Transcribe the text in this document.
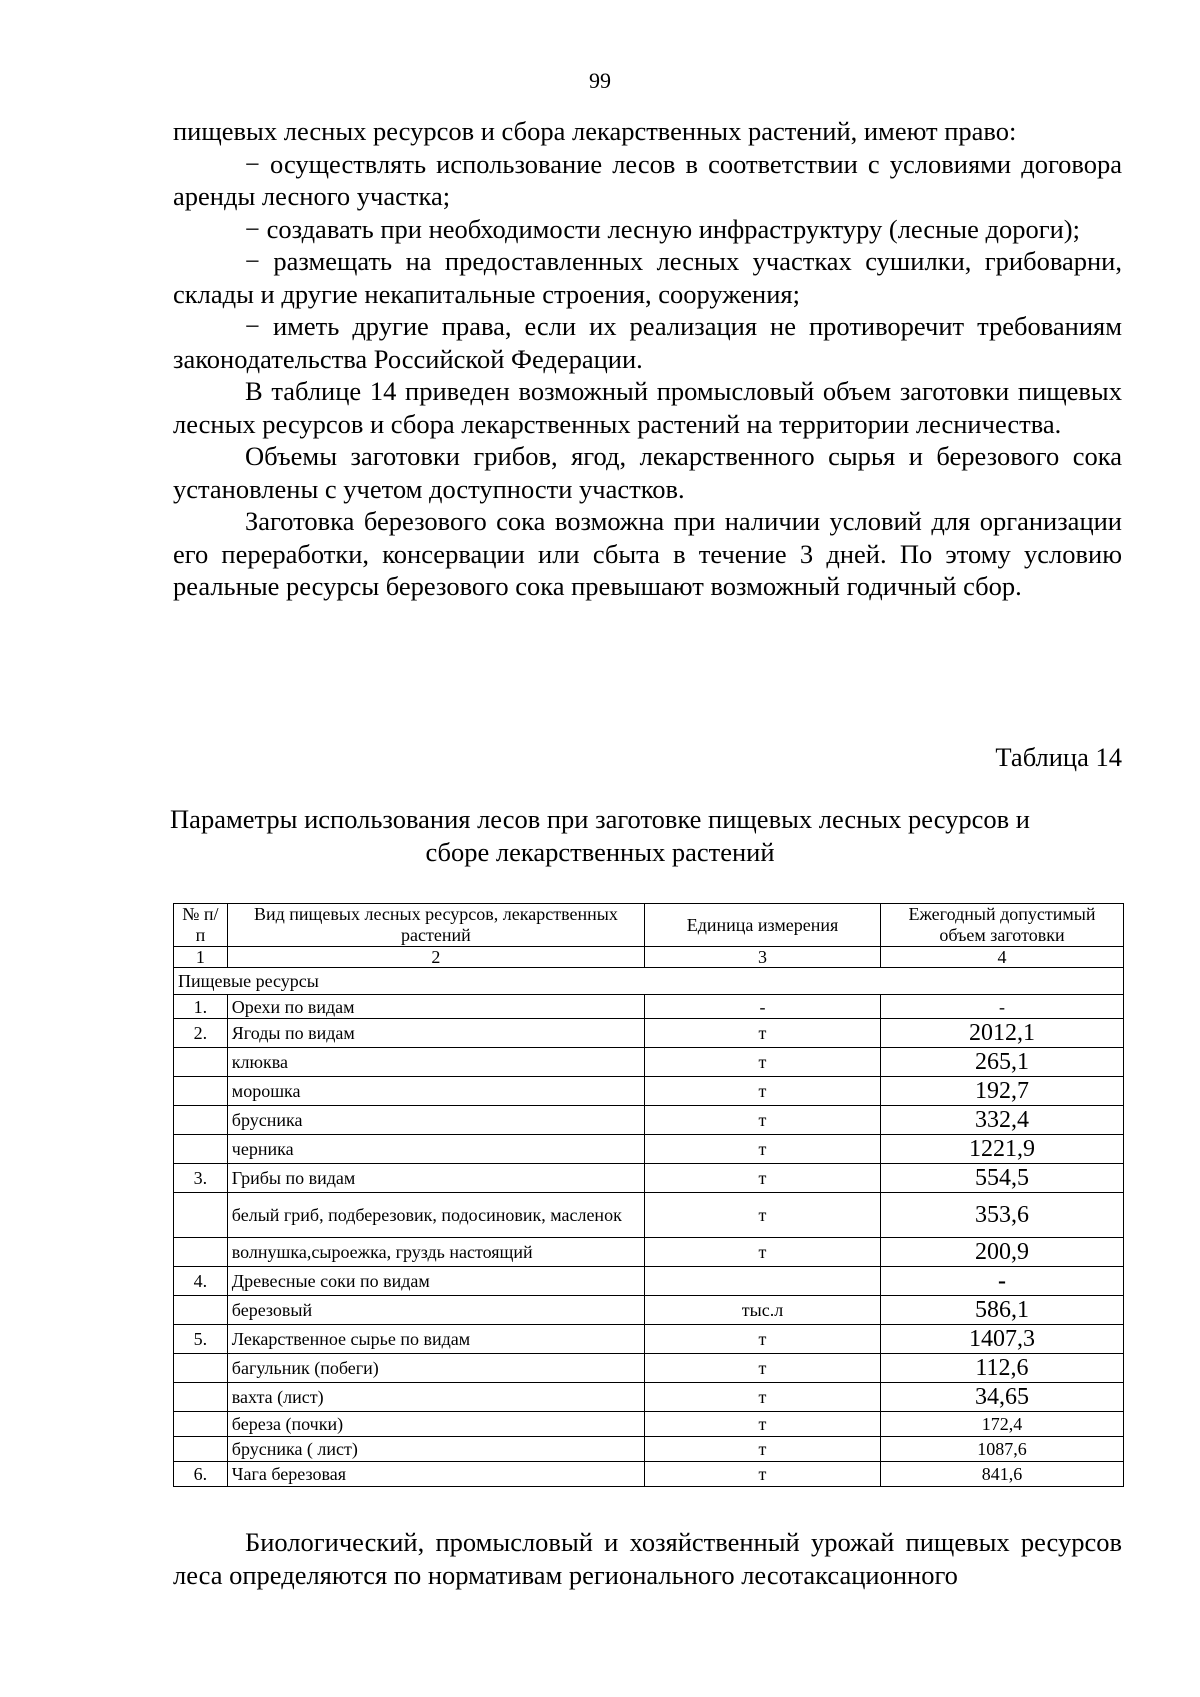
99

пищевых лесных ресурсов и сбора лекарственных растений, имеют право:

− осуществлять использование лесов в соответствии с условиями договора аренды лесного участка;

− создавать при необходимости лесную инфраструктуру (лесные дороги);

− размещать на предоставленных лесных участках сушилки, грибоварни, склады и другие некапитальные строения, сооружения;

− иметь другие права, если их реализация не противоречит требованиям законодательства Российской Федерации.

В таблице 14 приведен возможный промысловый объем заготовки пищевых лесных ресурсов и сбора лекарственных растений на территории лесничества.

Объемы заготовки грибов, ягод, лекарственного сырья и березового сока установлены с учетом доступности участков.

Заготовка березового сока возможна при наличии условий для организации его переработки, консервации или сбыта в течение 3 дней. По этому условию реальные ресурсы березового сока превышают возможный годичный сбор.

Таблица 14
Параметры использования лесов при заготовке пищевых лесных ресурсов и сборе лекарственных растений
№ п/п	Вид пищевых лесных ресурсов, лекарственных растений	Единица измерения	Ежегодный допустимый объем заготовки
1	2	3	4
Пищевые ресурсы			
1.	Орехи по видам	-	-
2.	Ягоды по видам	т	2012,1
	клюква	т	265,1
	морошка	т	192,7
	брусника	т	332,4
	черника	т	1221,9
3.	Грибы по видам	т	554,5
	белый гриб, подберезовик, подосиновик, масленок	т	353,6
	волнушка,сыроежка, груздь настоящий	т	200,9
4.	Древесные соки по видам		-
	березовый	тыс.л	586,1
5.	Лекарственное сырье по видам	т	1407,3
	багульник (побеги)	т	112,6
	вахта (лист)	т	34,65
	береза (почки)	т	172,4
	брусника ( лист)	т	1087,6
6.	Чага березовая	т	841,6

Биологический, промысловый и хозяйственный урожай пищевых ресурсов леса определяются по нормативам регионального лесотаксационного
